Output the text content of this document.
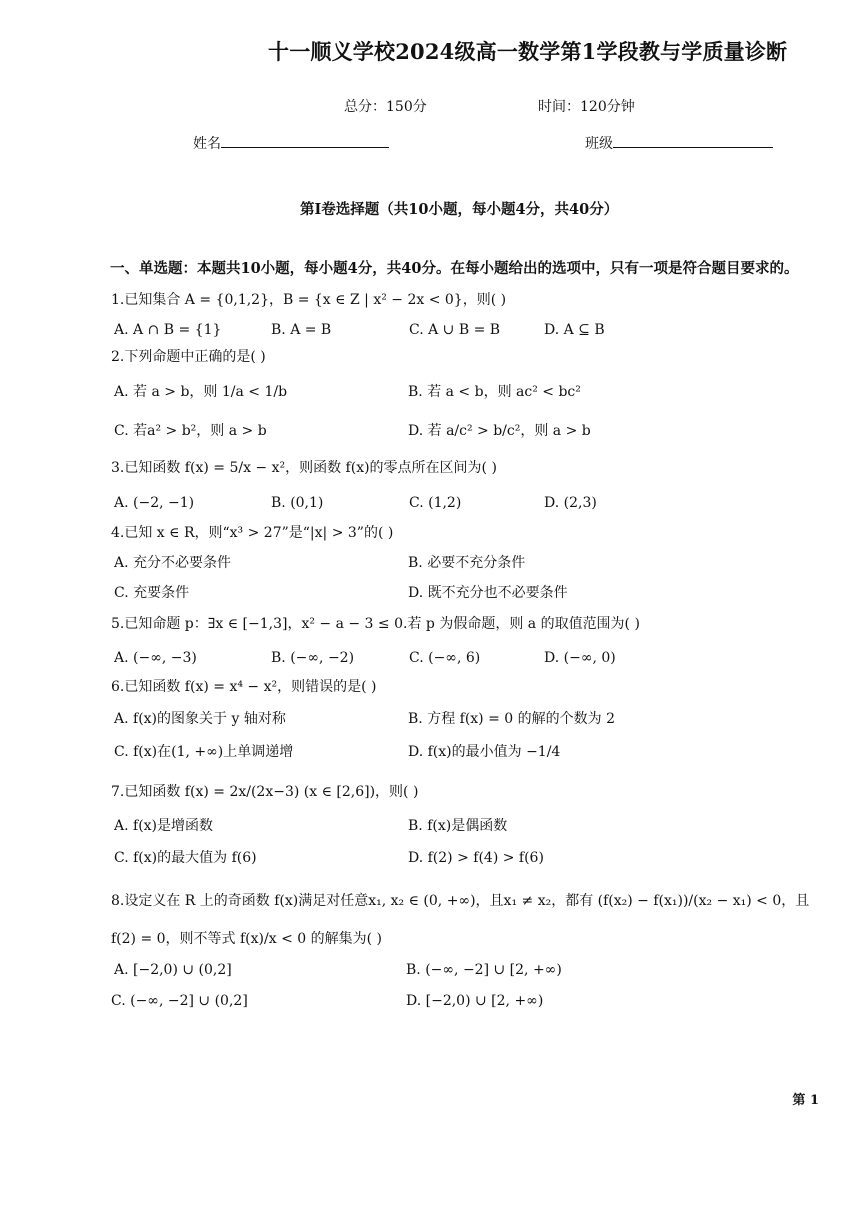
十一顺义学校2024级高一数学第1学段教与学质量诊断
总分：150分	时间：120分钟
姓名	班级
第I卷选择题（共10小题，每小题4分，共40分）
一、单选题：本题共10小题，每小题4分，共40分。在每小题给出的选项中，只有一项是符合题目要求的。
1.已知集合 A = {0,1,2}，B = {x ∈ Z | x² − 2x < 0}，则( )
A. A ∩ B = {1}	B. A = B	C. A ∪ B = B	D. A ⊆ B
2.下列命题中正确的是( )
A. 若 a > b，则 1/a < 1/b	B. 若 a < b，则 ac² < bc²
C. 若a² > b²，则 a > b	D. 若 a/c² > b/c²，则 a > b
3.已知函数 f(x) = 5/x − x²，则函数 f(x)的零点所在区间为( )
A. (−2, −1)	B. (0,1)	C. (1,2)	D. (2,3)
4.已知 x ∈ R，则“x³ > 27”是“|x| > 3”的( )
A. 充分不必要条件	B. 必要不充分条件
C. 充要条件	D. 既不充分也不必要条件
5.已知命题 p：∃x ∈ [−1,3]，x² − a − 3 ≤ 0.若 p 为假命题，则 a 的取值范围为( )
A. (−∞, −3)	B. (−∞, −2)	C. (−∞, 6)	D. (−∞, 0)
6.已知函数 f(x) = x⁴ − x²，则错误的是( )
A. f(x)的图象关于 y 轴对称	B. 方程 f(x) = 0 的解的个数为 2
C. f(x)在(1, +∞)上单调递增	D. f(x)的最小值为 −1/4
7.已知函数 f(x) = 2x/(2x−3) (x ∈ [2,6])，则( )
A. f(x)是增函数	B. f(x)是偶函数
C. f(x)的最大值为 f(6)	D. f(2) > f(4) > f(6)
8.设定义在 R 上的奇函数 f(x)满足对任意x₁, x₂ ∈ (0, +∞)，且x₁ ≠ x₂，都有 (f(x₂) − f(x₁))/(x₂ − x₁) < 0，且 f(2) = 0，则不等式 f(x)/x < 0 的解集为( )
A. [−2,0) ∪ (0,2]	B. (−∞, −2] ∪ [2, +∞)
C. (−∞, −2] ∪ (0,2]	D. [−2,0) ∪ [2, +∞)
第 1
